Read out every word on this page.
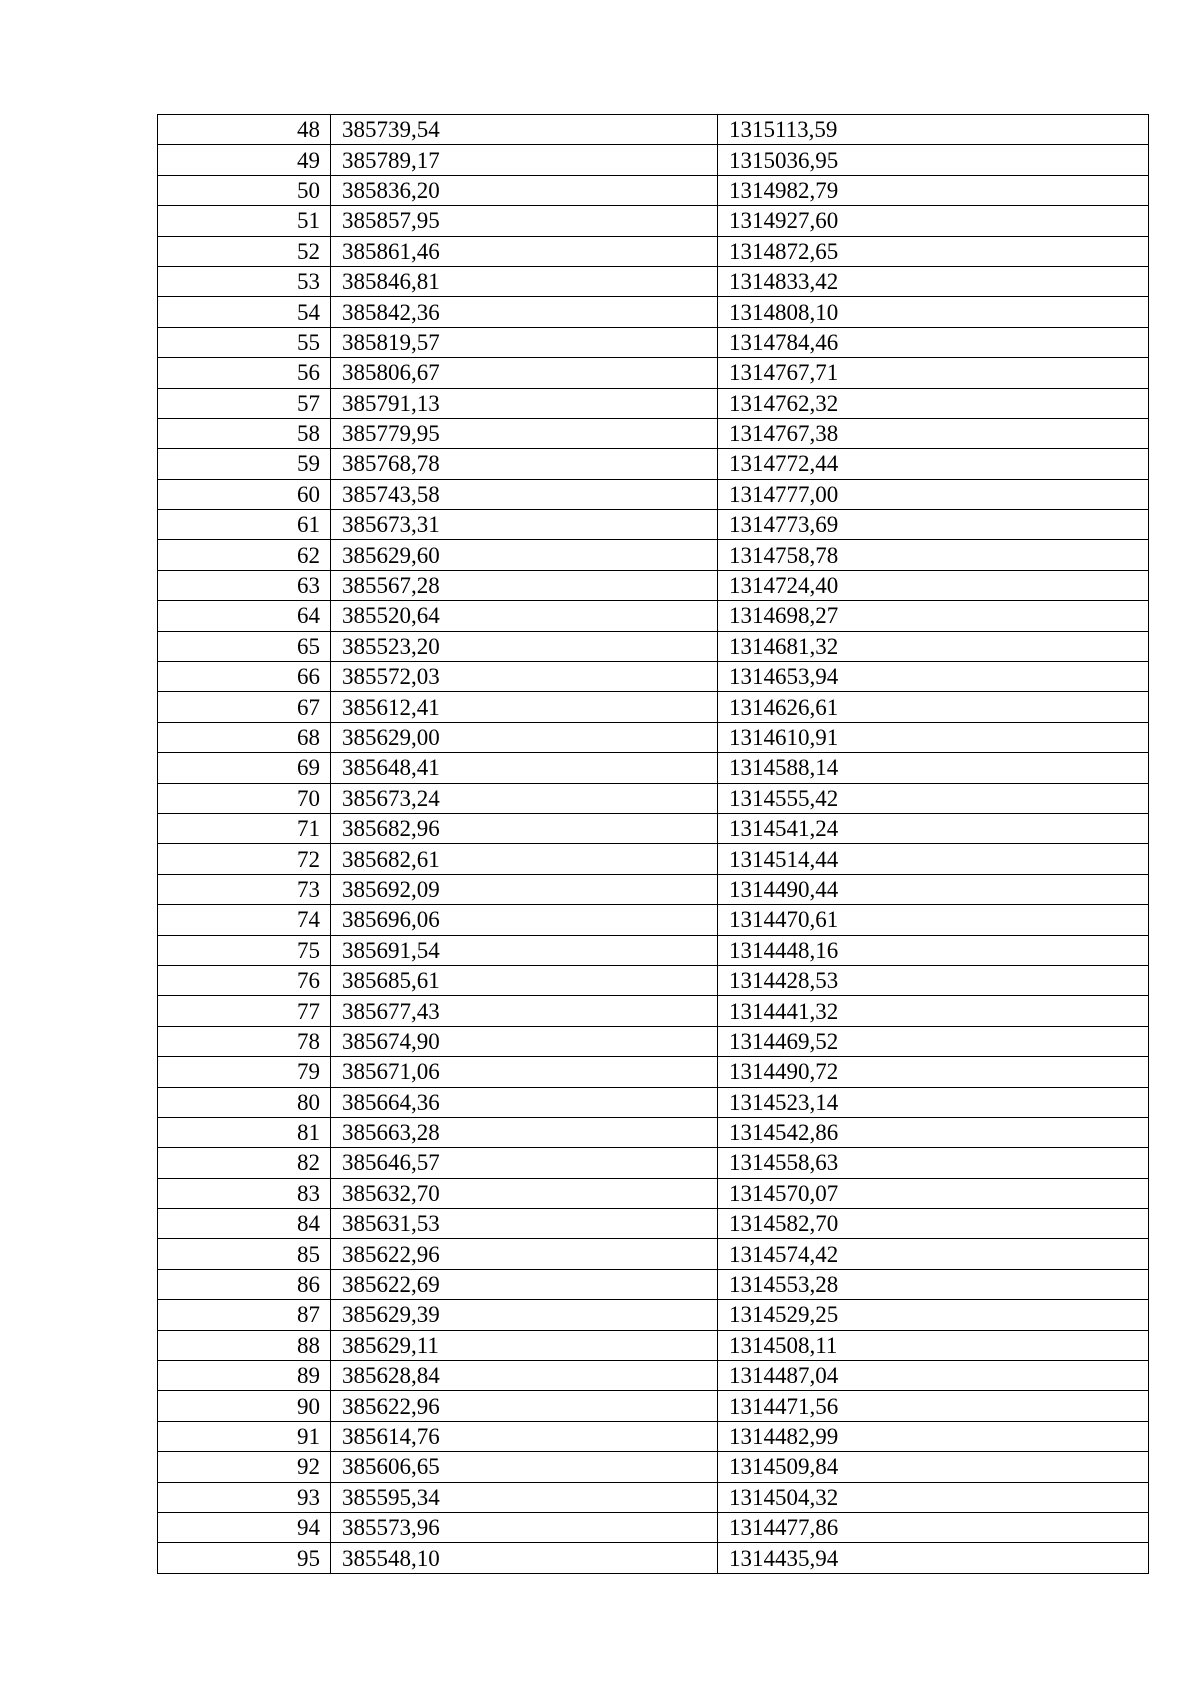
48	385739,54	1315113,59
49	385789,17	1315036,95
50	385836,20	1314982,79
51	385857,95	1314927,60
52	385861,46	1314872,65
53	385846,81	1314833,42
54	385842,36	1314808,10
55	385819,57	1314784,46
56	385806,67	1314767,71
57	385791,13	1314762,32
58	385779,95	1314767,38
59	385768,78	1314772,44
60	385743,58	1314777,00
61	385673,31	1314773,69
62	385629,60	1314758,78
63	385567,28	1314724,40
64	385520,64	1314698,27
65	385523,20	1314681,32
66	385572,03	1314653,94
67	385612,41	1314626,61
68	385629,00	1314610,91
69	385648,41	1314588,14
70	385673,24	1314555,42
71	385682,96	1314541,24
72	385682,61	1314514,44
73	385692,09	1314490,44
74	385696,06	1314470,61
75	385691,54	1314448,16
76	385685,61	1314428,53
77	385677,43	1314441,32
78	385674,90	1314469,52
79	385671,06	1314490,72
80	385664,36	1314523,14
81	385663,28	1314542,86
82	385646,57	1314558,63
83	385632,70	1314570,07
84	385631,53	1314582,70
85	385622,96	1314574,42
86	385622,69	1314553,28
87	385629,39	1314529,25
88	385629,11	1314508,11
89	385628,84	1314487,04
90	385622,96	1314471,56
91	385614,76	1314482,99
92	385606,65	1314509,84
93	385595,34	1314504,32
94	385573,96	1314477,86
95	385548,10	1314435,94
